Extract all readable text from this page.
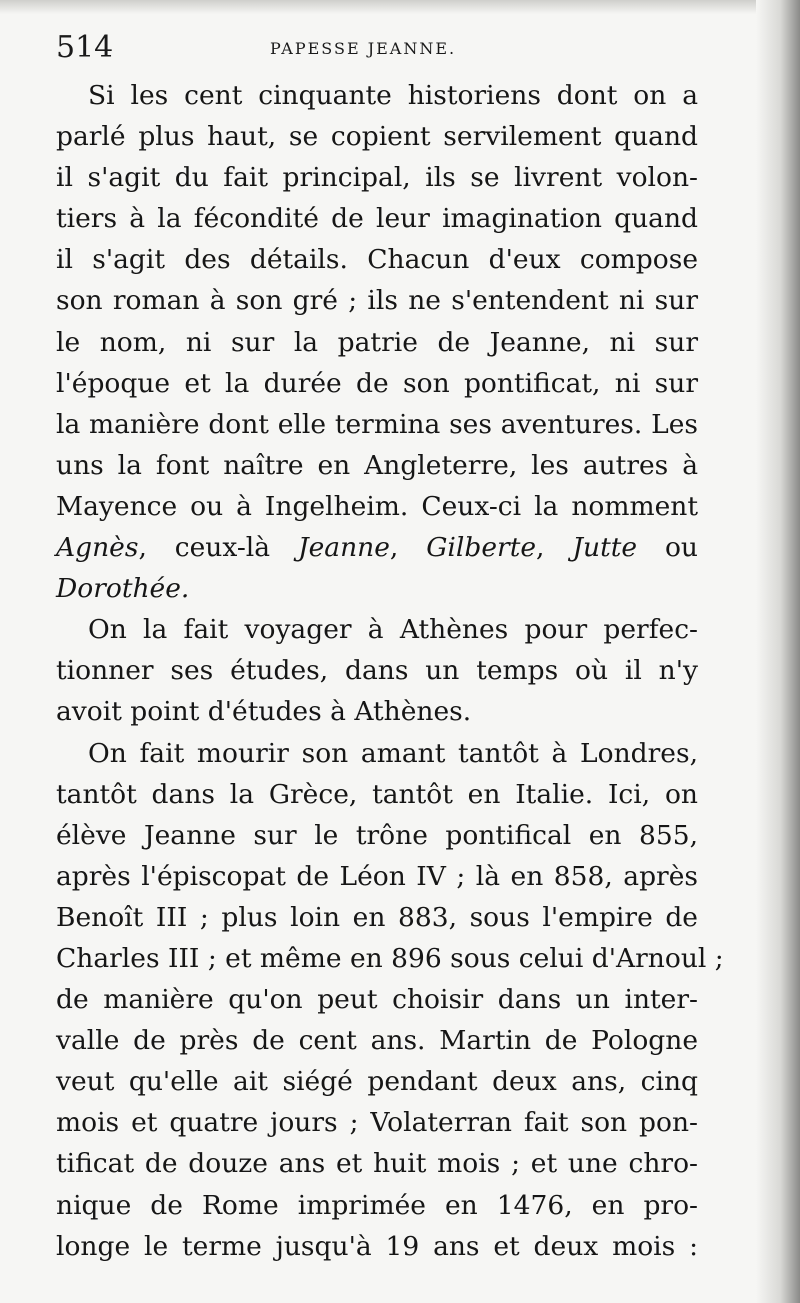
514	PAPESSE JEANNE.
Si les cent cinquante historiens dont on a
parlé plus haut, se copient servilement quand
il s'agit du fait principal, ils se livrent volon-
tiers à la fécondité de leur imagination quand
il s'agit des détails. Chacun d'eux compose
son roman à son gré ; ils ne s'entendent ni sur
le nom, ni sur la patrie de Jeanne, ni sur
l'époque et la durée de son pontificat, ni sur
la manière dont elle termina ses aventures. Les
uns la font naître en Angleterre, les autres à
Mayence ou à Ingelheim. Ceux-ci la nomment
Agnès, ceux-là Jeanne, Gilberte, Jutte ou
Dorothée.
On la fait voyager à Athènes pour perfec-
tionner ses études, dans un temps où il n'y
avoit point d'études à Athènes.
On fait mourir son amant tantôt à Londres,
tantôt dans la Grèce, tantôt en Italie. Ici, on
élève Jeanne sur le trône pontifical en 855,
après l'épiscopat de Léon IV ; là en 858, après
Benoît III ; plus loin en 883, sous l'empire de
Charles III ; et même en 896 sous celui d'Arnoul ;
de manière qu'on peut choisir dans un inter-
valle de près de cent ans. Martin de Pologne
veut qu'elle ait siégé pendant deux ans, cinq
mois et quatre jours ; Volaterran fait son pon-
tificat de douze ans et huit mois ; et une chro-
nique de Rome imprimée en 1476, en pro-
longe le terme jusqu'à 19 ans et deux mois :
